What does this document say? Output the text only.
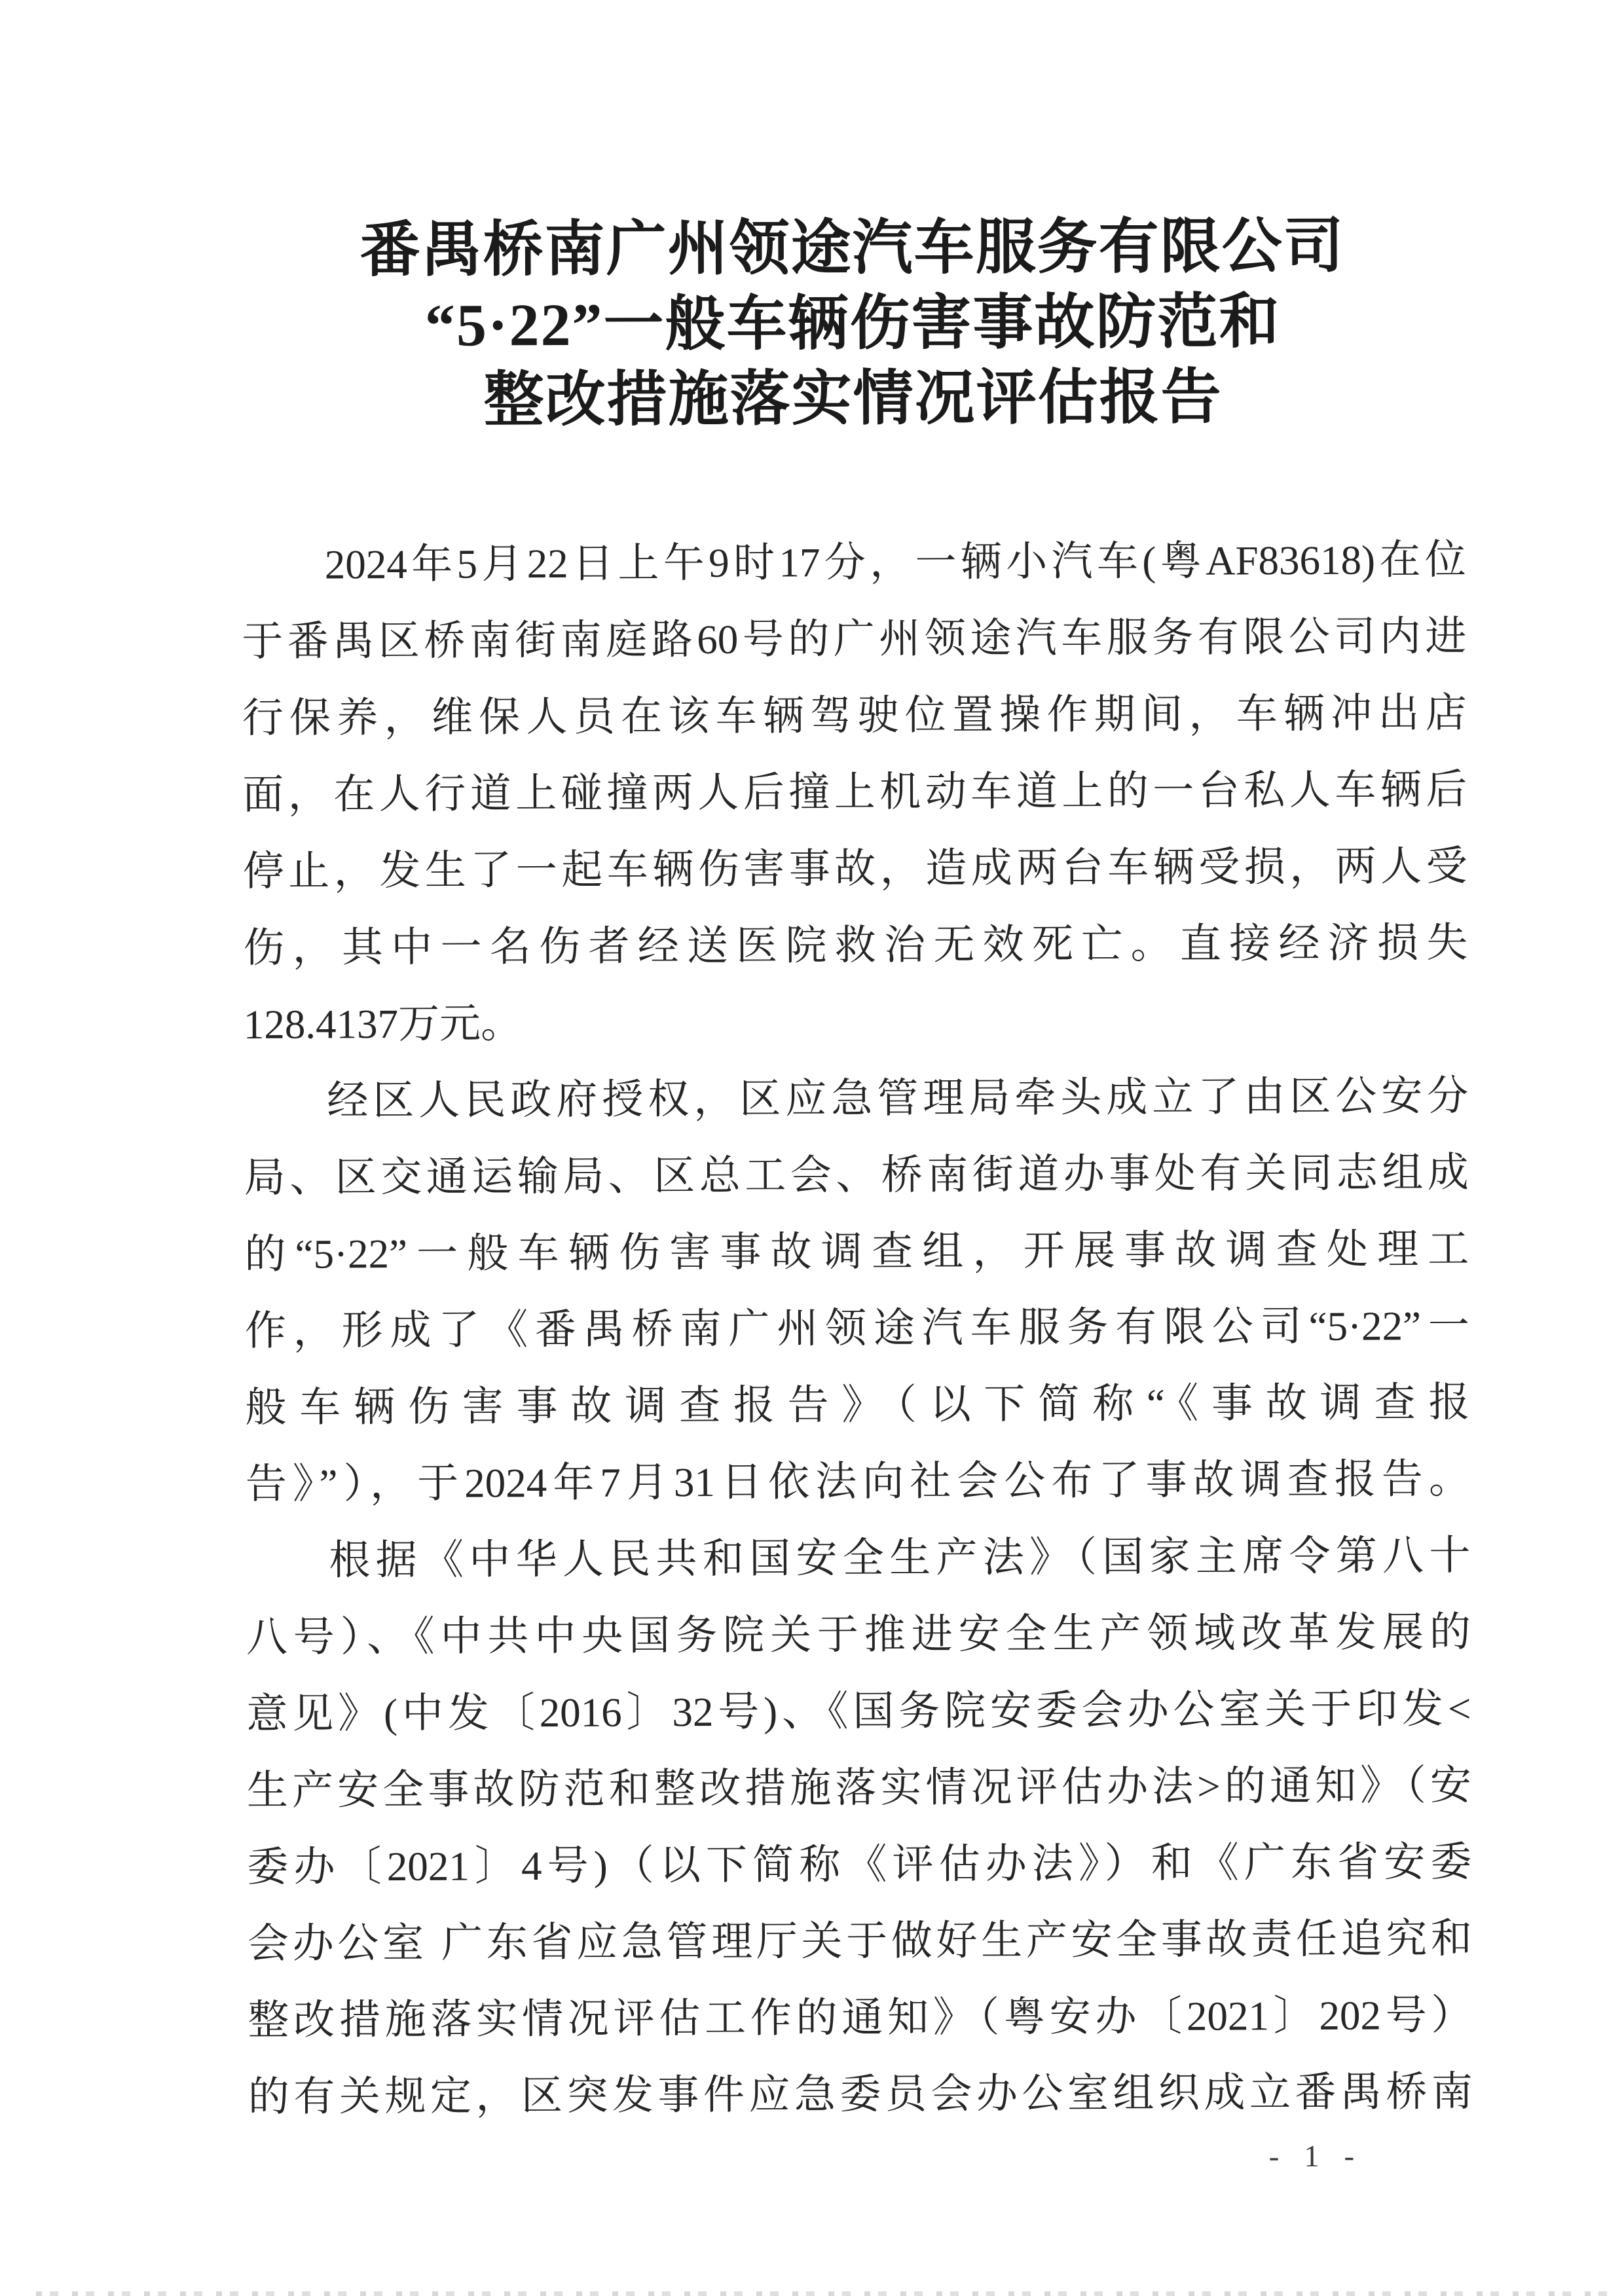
番禺桥南广州领途汽车服务有限公司
“5·22”一般车辆伤害事故防范和
整改措施落实情况评估报告
2024年5月22日上午9时17分，一辆小汽车(粤AF83618)在位
于番禺区桥南街南庭路60号的广州领途汽车服务有限公司内进
行保养，维保人员在该车辆驾驶位置操作期间，车辆冲出店
面，在人行道上碰撞两人后撞上机动车道上的一台私人车辆后
停止，发生了一起车辆伤害事故，造成两台车辆受损，两人受
伤，其中一名伤者经送医院救治无效死亡。直接经济损失
128.4137万元。
经区人民政府授权，区应急管理局牵头成立了由区公安分
局、区交通运输局、区总工会、桥南街道办事处有关同志组成
的“5·22”一般车辆伤害事故调查组，开展事故调查处理工
作，形成了《番禺桥南广州领途汽车服务有限公司“5·22”一
般车辆伤害事故调查报告》（以下简称“《事故调查报
告》”），于2024年7月31日依法向社会公布了事故调查报告。
根据《中华人民共和国安全生产法》（国家主席令第八十
八号）、《中共中央国务院关于推进安全生产领域改革发展的
意见》(中发〔2016〕32号)、《国务院安委会办公室关于印发<
生产安全事故防范和整改措施落实情况评估办法>的通知》（安
委办〔2021〕4号)（以下简称《评估办法》）和《广东省安委
会办公室 广东省应急管理厅关于做好生产安全事故责任追究和
整改措施落实情况评估工作的通知》（粤安办〔2021〕202号）
的有关规定，区突发事件应急委员会办公室组织成立番禺桥南
- 1 -
